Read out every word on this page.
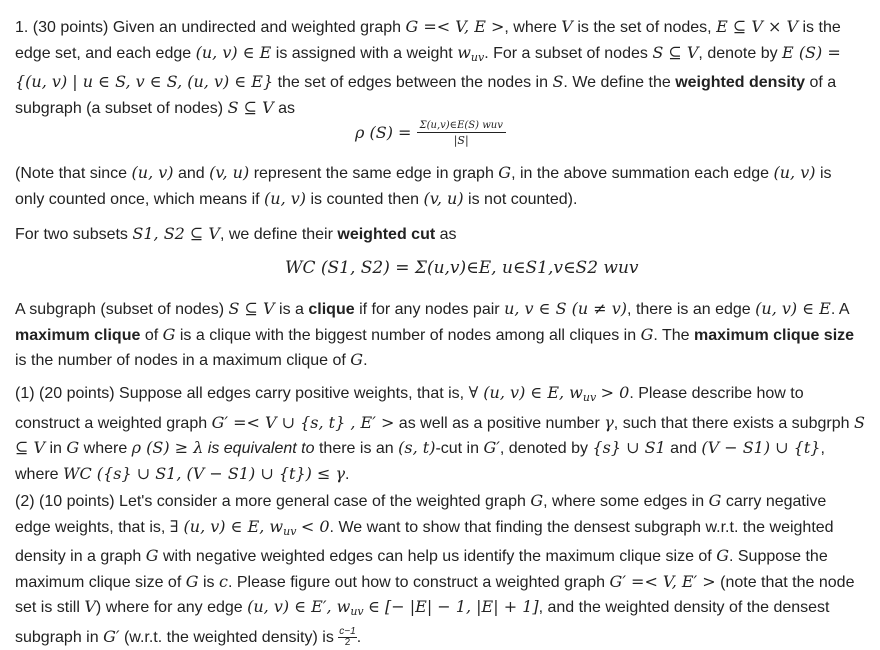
1. (30 points) Given an undirected and weighted graph G =< V, E >, where V is the set of nodes, E ⊆ V × V is the edge set, and each edge (u, v) ∈ E is assigned with a weight $w_{uv}$. For a subset of nodes S ⊆ V, denote by E (S) = {(u, v) | u ∈ S, v ∈ S, (u, v) ∈ E} the set of edges between the nodes in S. We define the weighted density of a subgraph (a subset of nodes) S ⊆ V as

ρ $(S) = \frac{\text{Σ(u,v)∈E(S) wuv}}{|S|}$

(Note that since (u, v) and (v, u) represent the same edge in graph G, in the above summation each edge (u, v) is only counted once, which means if (u, v) is counted then (v, u) is not counted).

For two subsets S1, S2 ⊆ V, we define their weighted cut as

WC (S1, S2) = Σ(u,v)∈E, u∈S1,v∈S2 wuv

A subgraph (subset of nodes) S ⊆ V is a clique if for any nodes pair u, v ∈ S (u ≠ v), there is an edge (u, v) ∈ E. A maximum clique of G is a clique with the biggest number of nodes among all cliques in G. The maximum clique size is the number of nodes in a maximum clique of G.

(1) (20 points) Suppose all edges carry positive weights, that is, ∀ (u, v) ∈ E, $w_{uv} > 0$. Please describe how to construct a weighted graph G′ =< V ∪ {s, t} , E′ > as well as a positive number γ, such that there exists a subgrph S ⊆ V in G where ρ (S) ≥ λ is equivalent to there is an (s, t)-cut in G′, denoted by {s} ∪ S1 and (V − S1) ∪ {t}, where WC ({s} ∪ S1, (V − S1) ∪ {t}) ≤ γ.

(2) (10 points) Let's consider a more general case of the weighted graph G, where some edges in G carry negative edge weights, that is, ∃ (u, v) ∈ E, $w_{uv} < 0$. We want to show that finding the densest subgraph w.r.t. the weighted density in a graph G with negative weighted edges can help us identify the maximum clique size of G. Suppose the maximum clique size of G is c. Please figure out how to construct a weighted graph G′ =< V, E′ > (note that the node set is still V) where for any edge (u, v) ∈ E′, $w_{uv}$ ∈ [− |E| − 1, |E| + 1], and the weighted density of the densest subgraph in G′ (w.r.t. the weighted density) is $\frac{c-1}{2}$ .
